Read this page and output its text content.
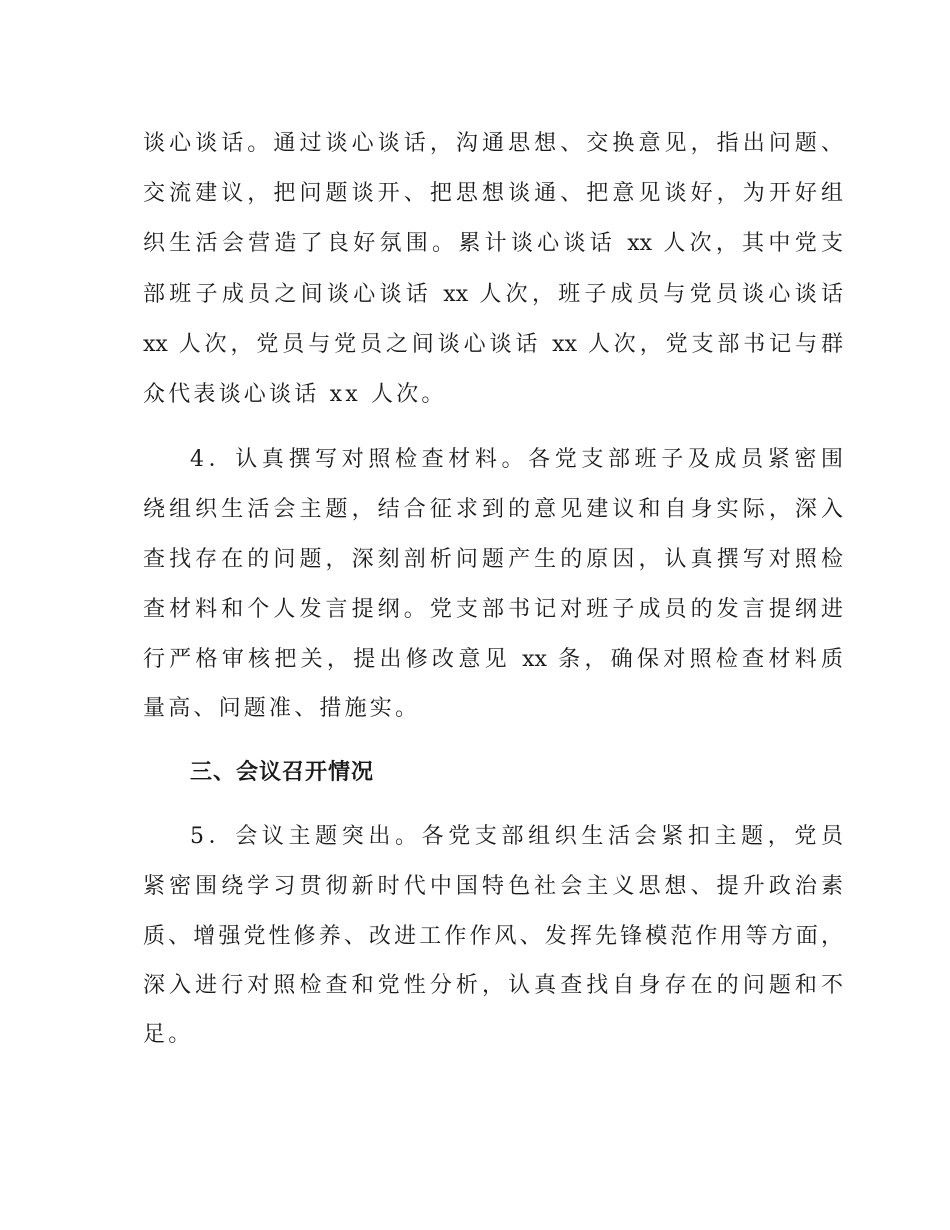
谈心谈话。通过谈心谈话，沟通思想、交换意见，指出问题、
交流建议，把问题谈开、把思想谈通、把意见谈好，为开好组
织生活会营造了良好氛围。累计谈心谈话 xx 人次，其中党支
部班子成员之间谈心谈话 xx 人次，班子成员与党员谈心谈话
xx 人次，党员与党员之间谈心谈话 xx 人次，党支部书记与群
众代表谈心谈话 xx 人次。
4．认真撰写对照检查材料。各党支部班子及成员紧密围
绕组织生活会主题，结合征求到的意见建议和自身实际，深入
查找存在的问题，深刻剖析问题产生的原因，认真撰写对照检
查材料和个人发言提纲。党支部书记对班子成员的发言提纲进
行严格审核把关，提出修改意见 xx 条，确保对照检查材料质
量高、问题准、措施实。
三、会议召开情况
5．会议主题突出。各党支部组织生活会紧扣主题，党员
紧密围绕学习贯彻新时代中国特色社会主义思想、提升政治素
质、增强党性修养、改进工作作风、发挥先锋模范作用等方面，
深入进行对照检查和党性分析，认真查找自身存在的问题和不
足。
